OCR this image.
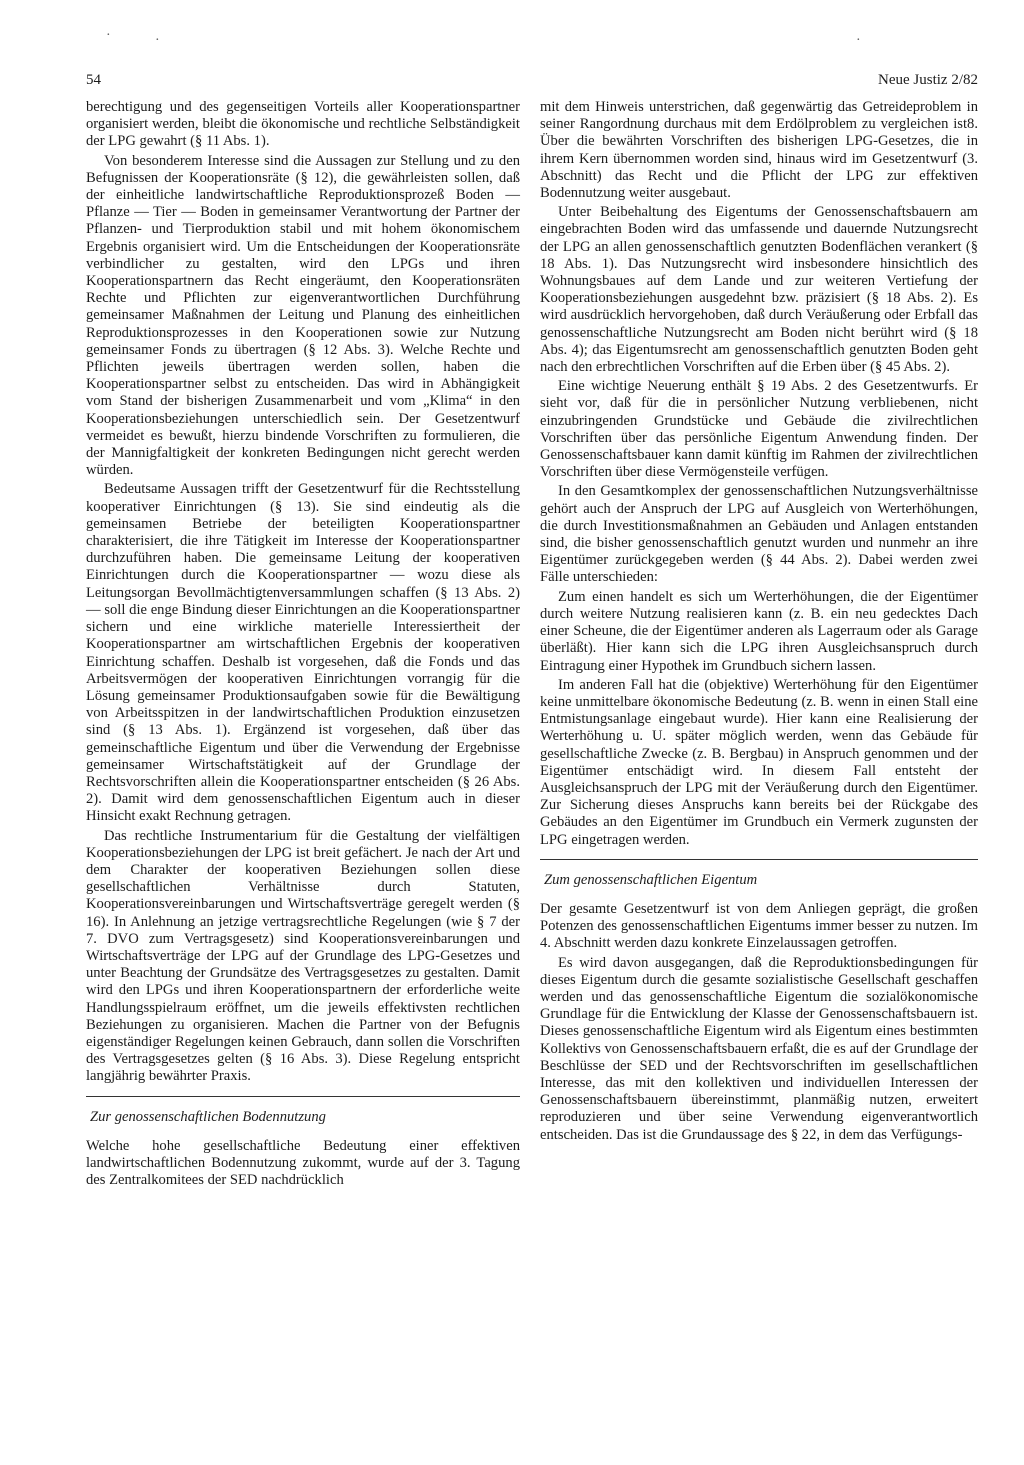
·	·	·
54	Neue Justiz 2/82

berechtigung und des gegenseitigen Vorteils aller Kooperationspartner organisiert werden, bleibt die ökonomische und rechtliche Selbständigkeit der LPG gewahrt (§ 11 Abs. 1).

Von besonderem Interesse sind die Aussagen zur Stellung und zu den Befugnissen der Kooperationsräte (§ 12), die gewährleisten sollen, daß der einheitliche landwirtschaftliche Reproduktionsprozeß Boden — Pflanze — Tier — Boden in gemeinsamer Verantwortung der Partner der Pflanzen- und Tierproduktion stabil und mit hohem ökonomischem Ergebnis organisiert wird. Um die Entscheidungen der Kooperationsräte verbindlicher zu gestalten, wird den LPGs und ihren Kooperationspartnern das Recht eingeräumt, den Kooperationsräten Rechte und Pflichten zur eigenverantwortlichen Durchführung gemeinsamer Maßnahmen der Leitung und Planung des einheitlichen Reproduktionsprozesses in den Kooperationen sowie zur Nutzung gemeinsamer Fonds zu übertragen (§ 12 Abs. 3). Welche Rechte und Pflichten jeweils übertragen werden sollen, haben die Kooperationspartner selbst zu entscheiden. Das wird in Abhängigkeit vom Stand der bisherigen Zusammenarbeit und vom „Klima“ in den Kooperationsbeziehungen unterschiedlich sein. Der Gesetzentwurf vermeidet es bewußt, hierzu bindende Vorschriften zu formulieren, die der Mannigfaltigkeit der konkreten Bedingungen nicht gerecht werden würden.

Bedeutsame Aussagen trifft der Gesetzentwurf für die Rechtsstellung kooperativer Einrichtungen (§ 13). Sie sind eindeutig als die gemeinsamen Betriebe der beteiligten Kooperationspartner charakterisiert, die ihre Tätigkeit im Interesse der Kooperationspartner durchzuführen haben. Die gemeinsame Leitung der kooperativen Einrichtungen durch die Kooperationspartner — wozu diese als Leitungsorgan Bevollmächtigtenversammlungen schaffen (§ 13 Abs. 2) — soll die enge Bindung dieser Einrichtungen an die Kooperationspartner sichern und eine wirkliche materielle Interessiertheit der Kooperationspartner am wirtschaftlichen Ergebnis der kooperativen Einrichtung schaffen. Deshalb ist vorgesehen, daß die Fonds und das Arbeitsvermögen der kooperativen Einrichtungen vorrangig für die Lösung gemeinsamer Produktionsaufgaben sowie für die Bewältigung von Arbeitsspitzen in der landwirtschaftlichen Produktion einzusetzen sind (§ 13 Abs. 1). Ergänzend ist vorgesehen, daß über das gemeinschaftliche Eigentum und über die Verwendung der Ergebnisse gemeinsamer Wirtschaftstätigkeit auf der Grundlage der Rechtsvorschriften allein die Kooperationspartner entscheiden (§ 26 Abs. 2). Damit wird dem genossenschaftlichen Eigentum auch in dieser Hinsicht exakt Rechnung getragen.

Das rechtliche Instrumentarium für die Gestaltung der vielfältigen Kooperationsbeziehungen der LPG ist breit gefächert. Je nach der Art und dem Charakter der kooperativen Beziehungen sollen diese gesellschaftlichen Verhältnisse durch Statuten, Kooperationsvereinbarungen und Wirtschaftsverträge geregelt werden (§ 16). In Anlehnung an jetzige vertragsrechtliche Regelungen (wie § 7 der 7. DVO zum Vertragsgesetz) sind Kooperationsvereinbarungen und Wirtschaftsverträge der LPG auf der Grundlage des LPG-Gesetzes und unter Beachtung der Grundsätze des Vertragsgesetzes zu gestalten. Damit wird den LPGs und ihren Kooperationspartnern der erforderliche weite Handlungsspielraum eröffnet, um die jeweils effektivsten rechtlichen Beziehungen zu organisieren. Machen die Partner von der Befugnis eigenständiger Regelungen keinen Gebrauch, dann sollen die Vorschriften des Vertragsgesetzes gelten (§ 16 Abs. 3). Diese Regelung entspricht langjährig bewährter Praxis.

Zur genossenschaftlichen Bodennutzung

Welche hohe gesellschaftliche Bedeutung einer effektiven landwirtschaftlichen Bodennutzung zukommt, wurde auf der 3. Tagung des Zentralkomitees der SED nachdrücklich

mit dem Hinweis unterstrichen, daß gegenwärtig das Getreideproblem in seiner Rangordnung durchaus mit dem Erdölproblem zu vergleichen ist8. Über die bewährten Vorschriften des bisherigen LPG-Gesetzes, die in ihrem Kern übernommen worden sind, hinaus wird im Gesetzentwurf (3. Abschnitt) das Recht und die Pflicht der LPG zur effektiven Bodennutzung weiter ausgebaut.

Unter Beibehaltung des Eigentums der Genossenschaftsbauern am eingebrachten Boden wird das umfassende und dauernde Nutzungsrecht der LPG an allen genossenschaftlich genutzten Bodenflächen verankert (§ 18 Abs. 1). Das Nutzungsrecht wird insbesondere hinsichtlich des Wohnungsbaues auf dem Lande und zur weiteren Vertiefung der Kooperationsbeziehungen ausgedehnt bzw. präzisiert (§ 18 Abs. 2). Es wird ausdrücklich hervorgehoben, daß durch Veräußerung oder Erbfall das genossenschaftliche Nutzungsrecht am Boden nicht berührt wird (§ 18 Abs. 4); das Eigentumsrecht am genossenschaftlich genutzten Boden geht nach den erbrechtlichen Vorschriften auf die Erben über (§ 45 Abs. 2).

Eine wichtige Neuerung enthält § 19 Abs. 2 des Gesetzentwurfs. Er sieht vor, daß für die in persönlicher Nutzung verbliebenen, nicht einzubringenden Grundstücke und Gebäude die zivilrechtlichen Vorschriften über das persönliche Eigentum Anwendung finden. Der Genossenschaftsbauer kann damit künftig im Rahmen der zivilrechtlichen Vorschriften über diese Vermögensteile verfügen.

In den Gesamtkomplex der genossenschaftlichen Nutzungsverhältnisse gehört auch der Anspruch der LPG auf Ausgleich von Werterhöhungen, die durch Investitionsmaßnahmen an Gebäuden und Anlagen entstanden sind, die bisher genossenschaftlich genutzt wurden und nunmehr an ihre Eigentümer zurückgegeben werden (§ 44 Abs. 2). Dabei werden zwei Fälle unterschieden:

Zum einen handelt es sich um Werterhöhungen, die der Eigentümer durch weitere Nutzung realisieren kann (z. B. ein neu gedecktes Dach einer Scheune, die der Eigentümer anderen als Lagerraum oder als Garage überläßt). Hier kann sich die LPG ihren Ausgleichsanspruch durch Eintragung einer Hypothek im Grundbuch sichern lassen.

Im anderen Fall hat die (objektive) Werterhöhung für den Eigentümer keine unmittelbare ökonomische Bedeutung (z. B. wenn in einen Stall eine Entmistungsanlage eingebaut wurde). Hier kann eine Realisierung der Werterhöhung u. U. später möglich werden, wenn das Gebäude für gesellschaftliche Zwecke (z. B. Bergbau) in Anspruch genommen und der Eigentümer entschädigt wird. In diesem Fall entsteht der Ausgleichsanspruch der LPG mit der Veräußerung durch den Eigentümer. Zur Sicherung dieses Anspruchs kann bereits bei der Rückgabe des Gebäudes an den Eigentümer im Grundbuch ein Vermerk zugunsten der LPG eingetragen werden.

Zum genossenschaftlichen Eigentum

Der gesamte Gesetzentwurf ist von dem Anliegen geprägt, die großen Potenzen des genossenschaftlichen Eigentums immer besser zu nutzen. Im 4. Abschnitt werden dazu konkrete Einzelaussagen getroffen.

Es wird davon ausgegangen, daß die Reproduktionsbedingungen für dieses Eigentum durch die gesamte sozialistische Gesellschaft geschaffen werden und das genossenschaftliche Eigentum die sozialökonomische Grundlage für die Entwicklung der Klasse der Genossenschaftsbauern ist. Dieses genossenschaftliche Eigentum wird als Eigentum eines bestimmten Kollektivs von Genossenschaftsbauern erfaßt, die es auf der Grundlage der Beschlüsse der SED und der Rechtsvorschriften im gesellschaftlichen Interesse, das mit den kollektiven und individuellen Interessen der Genossenschaftsbauern übereinstimmt, planmäßig nutzen, erweitert reproduzieren und über seine Verwendung eigenverantwortlich entscheiden. Das ist die Grundaussage des § 22, in dem das Verfügungs-
